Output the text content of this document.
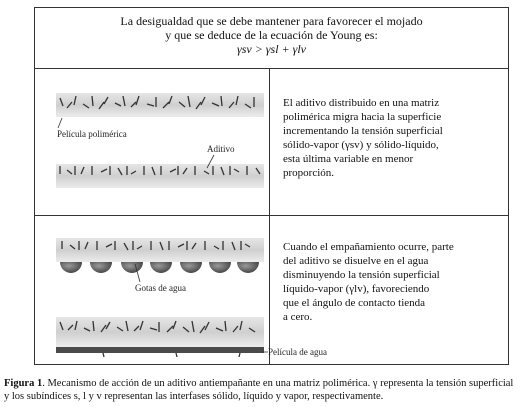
La desigualdad que se debe mantener para favorecer el mojado
y que se deduce de la ecuación de Young es:
γsv > γsl + γlv
Película polimérica
Aditivo
Gotas de agua
Película de agua
El aditivo distribuido en una matriz
polimérica migra hacia la superficie
incrementando la tensión superficial
sólido-vapor (γsv) y sólido-líquido,
esta última variable en menor
proporción.
Cuando el empañamiento ocurre, parte
del aditivo se disuelve en el agua
disminuyendo la tensión superficial
líquido-vapor (γlv), favoreciendo
que el ángulo de contacto tienda
a cero.
Figura 1. Mecanismo de acción de un aditivo antiempañante en una matriz polimérica. γ representa la tensión superficial y los subíndices s, l y v representan las interfases sólido, líquido y vapor, respectivamente.
